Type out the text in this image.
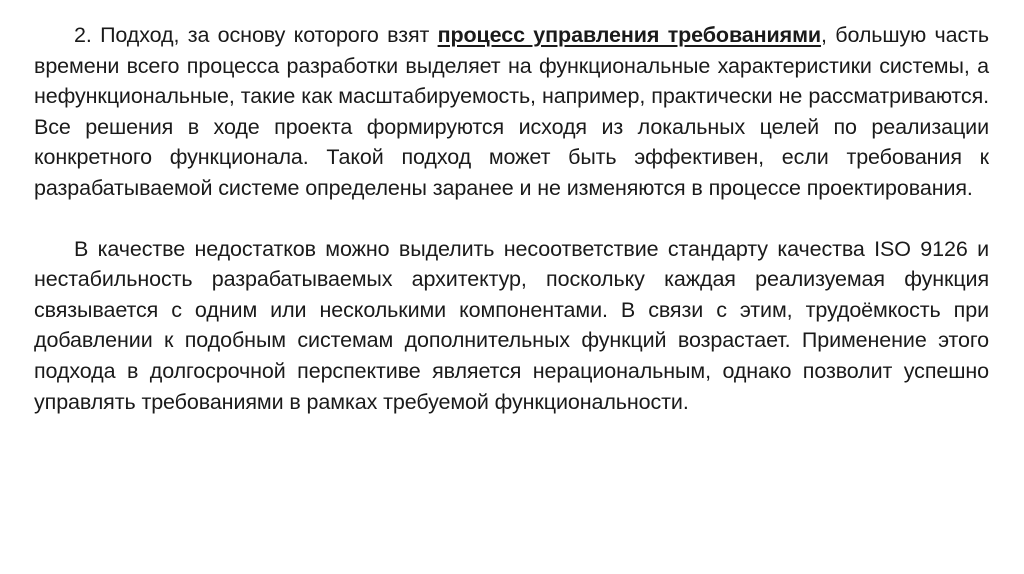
2. Подход, за основу которого взят процесс управления требованиями, большую часть времени всего процесса разработки выделяет на функциональные характеристики системы, а нефункциональные, такие как масштабируемость, например, практически не рассматриваются. Все решения в ходе проекта формируются исходя из локальных целей по реализации конкретного функционала. Такой подход может быть эффективен, если требования к разрабатываемой системе определены заранее и не изменяются в процессе проектирования.

В качестве недостатков можно выделить несоответствие стандарту качества ISO 9126 и нестабильность разрабатываемых архитектур, поскольку каждая реализуемая функция связывается с одним или несколькими компонентами. В связи с этим, трудоёмкость при добавлении к подобным системам дополнительных функций возрастает. Применение этого подхода в долгосрочной перспективе является нерациональным, однако позволит успешно управлять требованиями в рамках требуемой функциональности.
